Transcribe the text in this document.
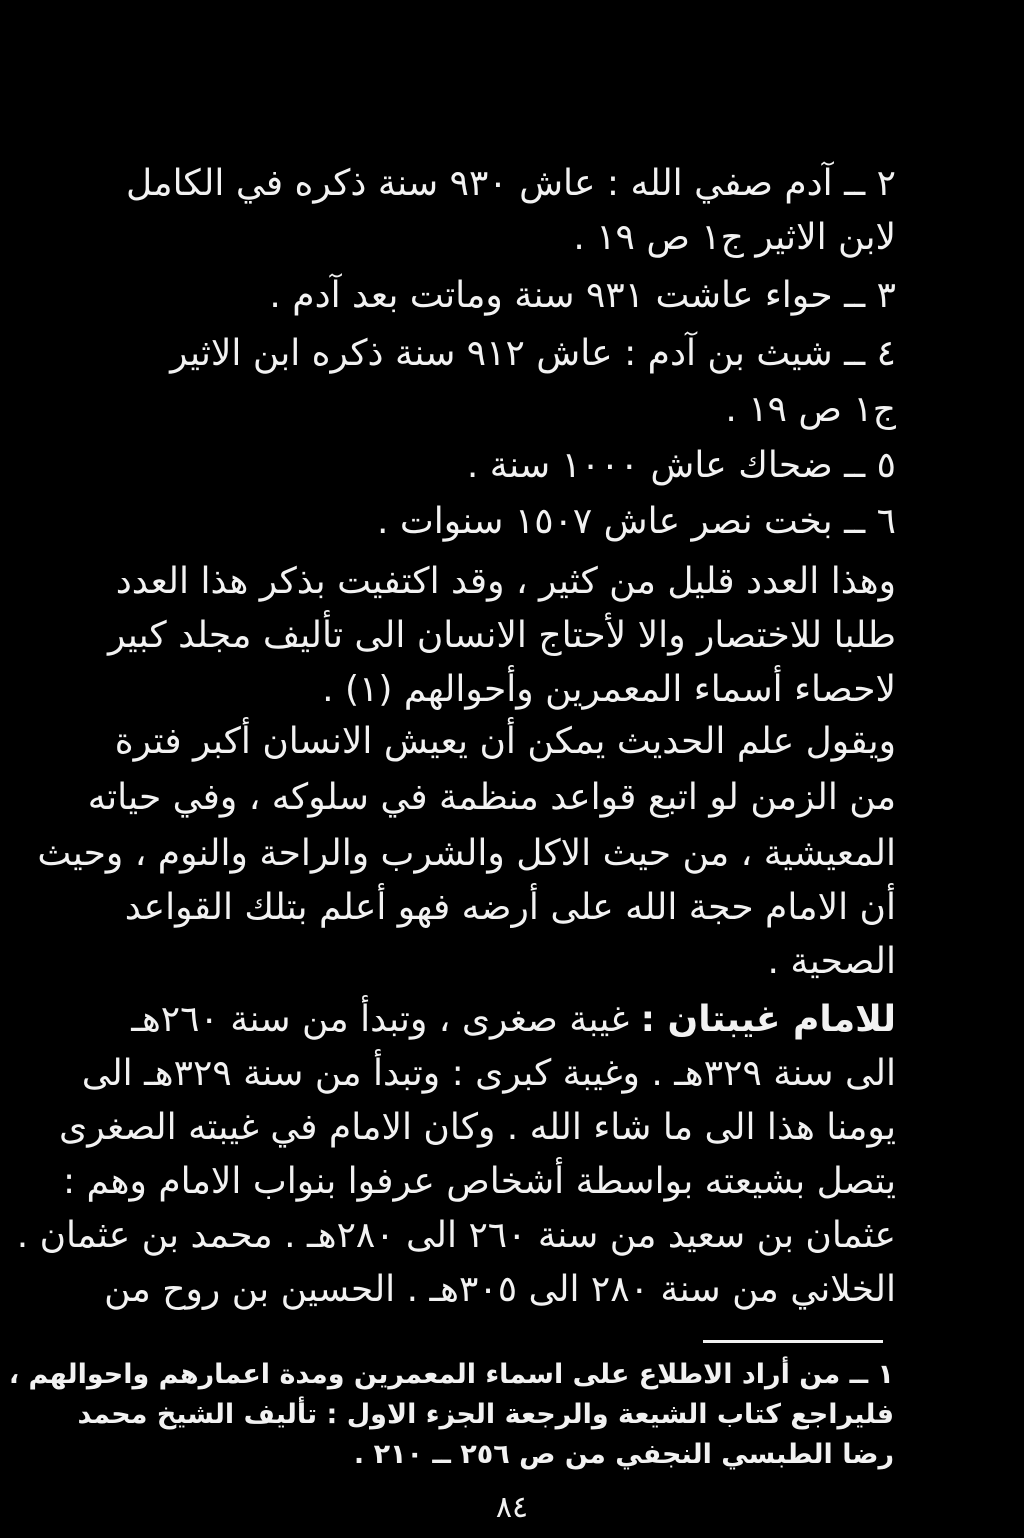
٢ ــ آدم صفي الله : عاش ٩٣٠ سنة ذكره في الكامل
لابن الاثير ج١ ص ١٩ .
٣ ــ حواء عاشت ٩٣١ سنة وماتت بعد آدم .
٤ ــ شيث بن آدم : عاش ٩١٢ سنة ذكره ابن الاثير
ج١ ص ١٩ .
٥ ــ ضحاك عاش ١٠٠٠ سنة .
٦ ــ بخت نصر عاش ١٥٠٧ سنوات .
وهذا العدد قليل من كثير ، وقد اكتفيت بذكر هذا العدد
طلبا للاختصار والا لأحتاج الانسان الى تأليف مجلد كبير
لاحصاء أسماء المعمرين وأحوالهم (١) .
ويقول علم الحديث يمكن أن يعيش الانسان أكبر فترة
من الزمن لو اتبع قواعد منظمة في سلوكه ، وفي حياته
المعيشية ، من حيث الاكل والشرب والراحة والنوم ، وحيث
أن الامام حجة الله على أرضه فهو أعلم بتلك القواعد
الصحية .
للامام غيبتان : غيبة صغرى ، وتبدأ من سنة ٢٦٠هـ
الى سنة ٣٢٩هـ . وغيبة كبرى : وتبدأ من سنة ٣٢٩هـ الى
يومنا هذا الى ما شاء الله . وكان الامام في غيبته الصغرى
يتصل بشيعته بواسطة أشخاص عرفوا بنواب الامام وهم :
عثمان بن سعيد من سنة ٢٦٠ الى ٢٨٠هـ . محمد بن عثمان .
الخلاني من سنة ٢٨٠ الى ٣٠٥هـ . الحسين بن روح من
١ ــ من أراد الاطلاع على اسماء المعمرين ومدة اعمارهم واحوالهم ،
فليراجع كتاب الشيعة والرجعة الجزء الاول : تأليف الشيخ محمد
رضا الطبسي النجفي من ص ٢٥٦ ــ ٢١٠ .
٨٤
